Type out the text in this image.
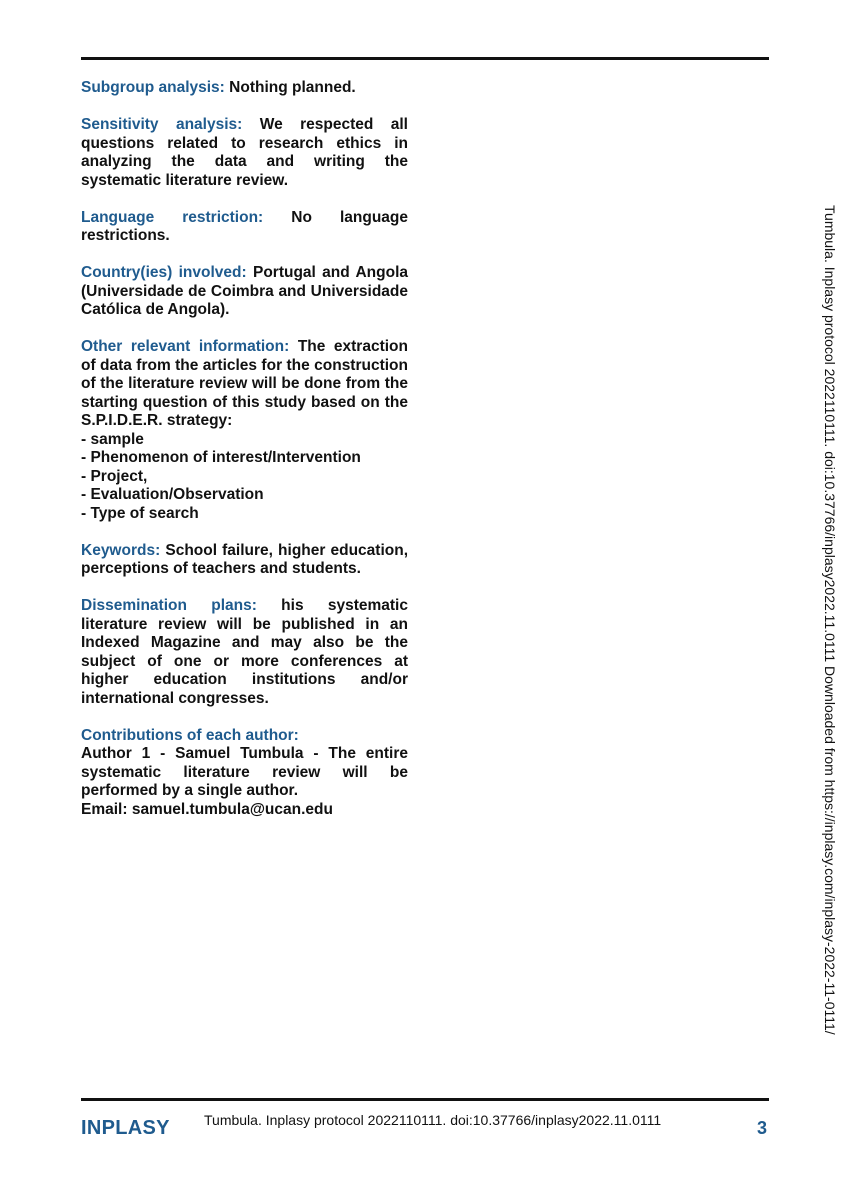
Subgroup analysis: Nothing planned.
Sensitivity analysis: We respected all questions related to research ethics in analyzing the data and writing the systematic literature review.
Language restriction: No language restrictions.
Country(ies) involved: Portugal and Angola (Universidade de Coimbra and Universidade Católica de Angola).
Other relevant information: The extraction of data from the articles for the construction of the literature review will be done from the starting question of this study based on the S.P.I.D.E.R. strategy:
- sample
- Phenomenon of interest/Intervention
- Project,
- Evaluation/Observation
- Type of search
Keywords: School failure, higher education, perceptions of teachers and students.
Dissemination plans: his systematic literature review will be published in an Indexed Magazine and may also be the subject of one or more conferences at higher education institutions and/or international congresses.
Contributions of each author:
Author 1 - Samuel Tumbula - The entire systematic literature review will be performed by a single author.
Email: samuel.tumbula@ucan.edu	Tumbula. Inplasy protocol 2022110111. doi:10.37766/inplasy2022.11.0111 Downloaded from https://inplasy.com/inplasy-2022-11-0111/
INPLASY Tumbula. Inplasy protocol 2022110111. doi:10.37766/inplasy2022.11.0111	3
